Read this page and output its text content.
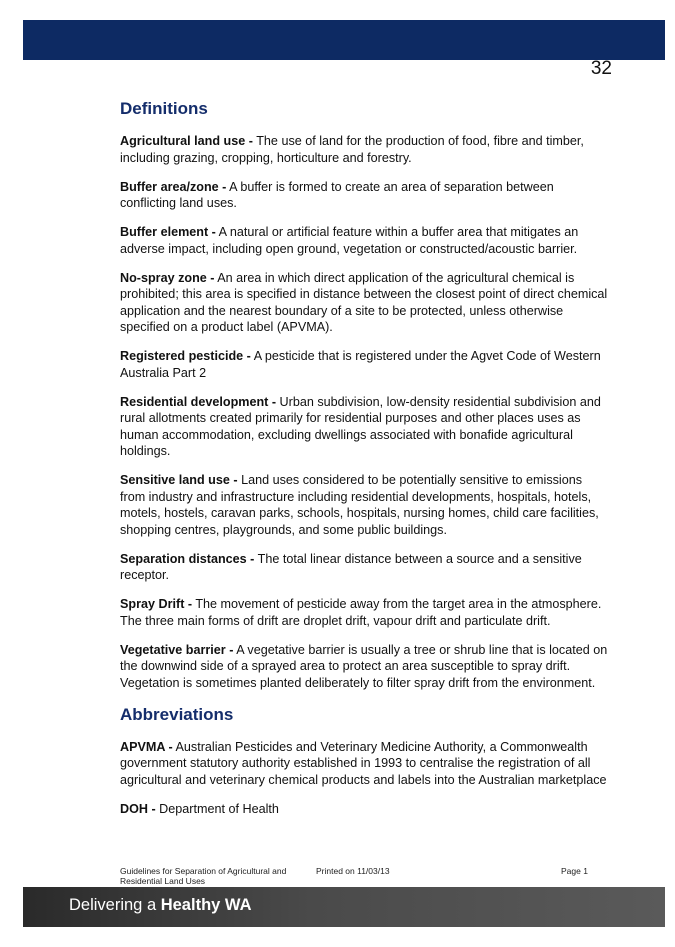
32
Definitions

Agricultural land use - The use of land for the production of food, fibre and timber, including grazing, cropping, horticulture and forestry.

Buffer area/zone - A buffer is formed to create an area of separation between conflicting land uses.

Buffer element - A natural or artificial feature within a buffer area that mitigates an adverse impact, including open ground, vegetation or constructed/acoustic barrier.

No-spray zone - An area in which direct application of the agricultural chemical is prohibited; this area is specified in distance between the closest point of direct chemical application and the nearest boundary of a site to be protected, unless otherwise specified on a product label (APVMA).

Registered pesticide - A pesticide that is registered under the Agvet Code of Western Australia Part 2

Residential development - Urban subdivision, low-density residential subdivision and rural allotments created primarily for residential purposes and other places uses as human accommodation, excluding dwellings associated with bonafide agricultural holdings.

Sensitive land use - Land uses considered to be potentially sensitive to emissions from industry and infrastructure including residential developments, hospitals, hotels, motels, hostels, caravan parks, schools, hospitals, nursing homes, child care facilities, shopping centres, playgrounds, and some public buildings.

Separation distances - The total linear distance between a source and a sensitive receptor.

Spray Drift - The movement of pesticide away from the target area in the atmosphere. The three main forms of drift are droplet drift, vapour drift and particulate drift.

Vegetative barrier - A vegetative barrier is usually a tree or shrub line that is located on the downwind side of a sprayed area to protect an area susceptible to spray drift. Vegetation is sometimes planted deliberately to filter spray drift from the environment.

Abbreviations

APVMA - Australian Pesticides and Veterinary Medicine Authority, a Commonwealth government statutory authority established in 1993 to centralise the registration of all agricultural and veterinary chemical products and labels into the Australian marketplace

DOH - Department of Health

Guidelines for Separation of Agricultural and Residential Land Uses
Printed on 11/03/13	Page 1
Delivering a Healthy WA
